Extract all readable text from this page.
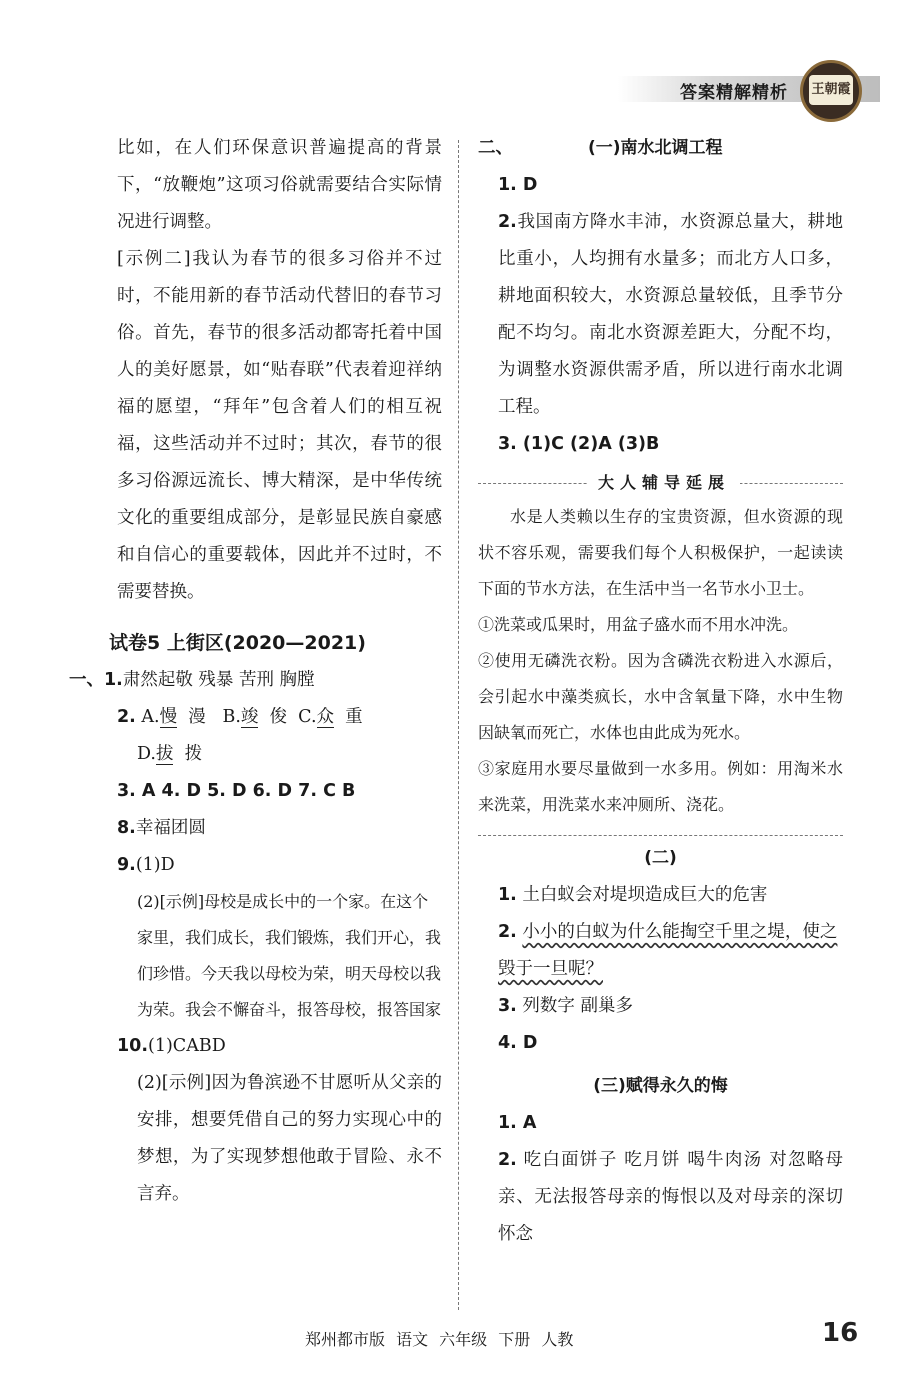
答案精解精析 王朝霞
比如，在人们环保意识普遍提高的背景下，“放鞭炮”这项习俗就需要结合实际情况进行调整。
[示例二]我认为春节的很多习俗并不过时，不能用新的春节活动代替旧的春节习俗。首先，春节的很多活动都寄托着中国人的美好愿景，如“贴春联”代表着迎祥纳福的愿望，“拜年”包含着人们的相互祝福，这些活动并不过时；其次，春节的很多习俗源远流长、博大精深，是中华传统文化的重要组成部分，是彰显民族自豪感和自信心的重要载体，因此并不过时，不需要替换。
试卷5 上街区(2020—2021)
一、1.肃然起敬 残暴 苦刑 胸膛
2. A.慢 漫 B.竣 俊 C.众 重
D.拔 拨
3. A 4. D 5. D 6. D 7. C B
8.幸福团圆
9.(1)D
(2)[示例]母校是成长中的一个家。在这个家里，我们成长，我们锻炼，我们开心，我们珍惜。今天我以母校为荣，明天母校以我为荣。我会不懈奋斗，报答母校，报答国家
10.(1)CABD
(2)[示例]因为鲁滨逊不甘愿听从父亲的安排，想要凭借自己的努力实现心中的梦想，为了实现梦想他敢于冒险、永不言弃。
二、	(一)南水北调工程
1. D
2.我国南方降水丰沛，水资源总量大，耕地比重小，人均拥有水量多；而北方人口多，耕地面积较大，水资源总量较低，且季节分配不均匀。南北水资源差距大，分配不均，为调整水资源供需矛盾，所以进行南水北调工程。
3. (1)C (2)A (3)B
大人辅导延展
水是人类赖以生存的宝贵资源，但水资源的现状不容乐观，需要我们每个人积极保护，一起读读下面的节水方法，在生活中当一名节水小卫士。
①洗菜或瓜果时，用盆子盛水而不用水冲洗。
②使用无磷洗衣粉。因为含磷洗衣粉进入水源后，会引起水中藻类疯长，水中含氧量下降，水中生物因缺氧而死亡，水体也由此成为死水。
③家庭用水要尽量做到一水多用。例如：用淘米水来洗菜，用洗菜水来冲厕所、浇花。
(二)
1. 土白蚁会对堤坝造成巨大的危害
2. 小小的白蚁为什么能掏空千里之堤，使之毁于一旦呢？
3. 列数字 副巢多
4. D
(三)赋得永久的悔
1. A
2. 吃白面饼子 吃月饼 喝牛肉汤 对忽略母亲、无法报答母亲的悔恨以及对母亲的深切怀念
郑州都市版 语文 六年级 下册 人教	16
